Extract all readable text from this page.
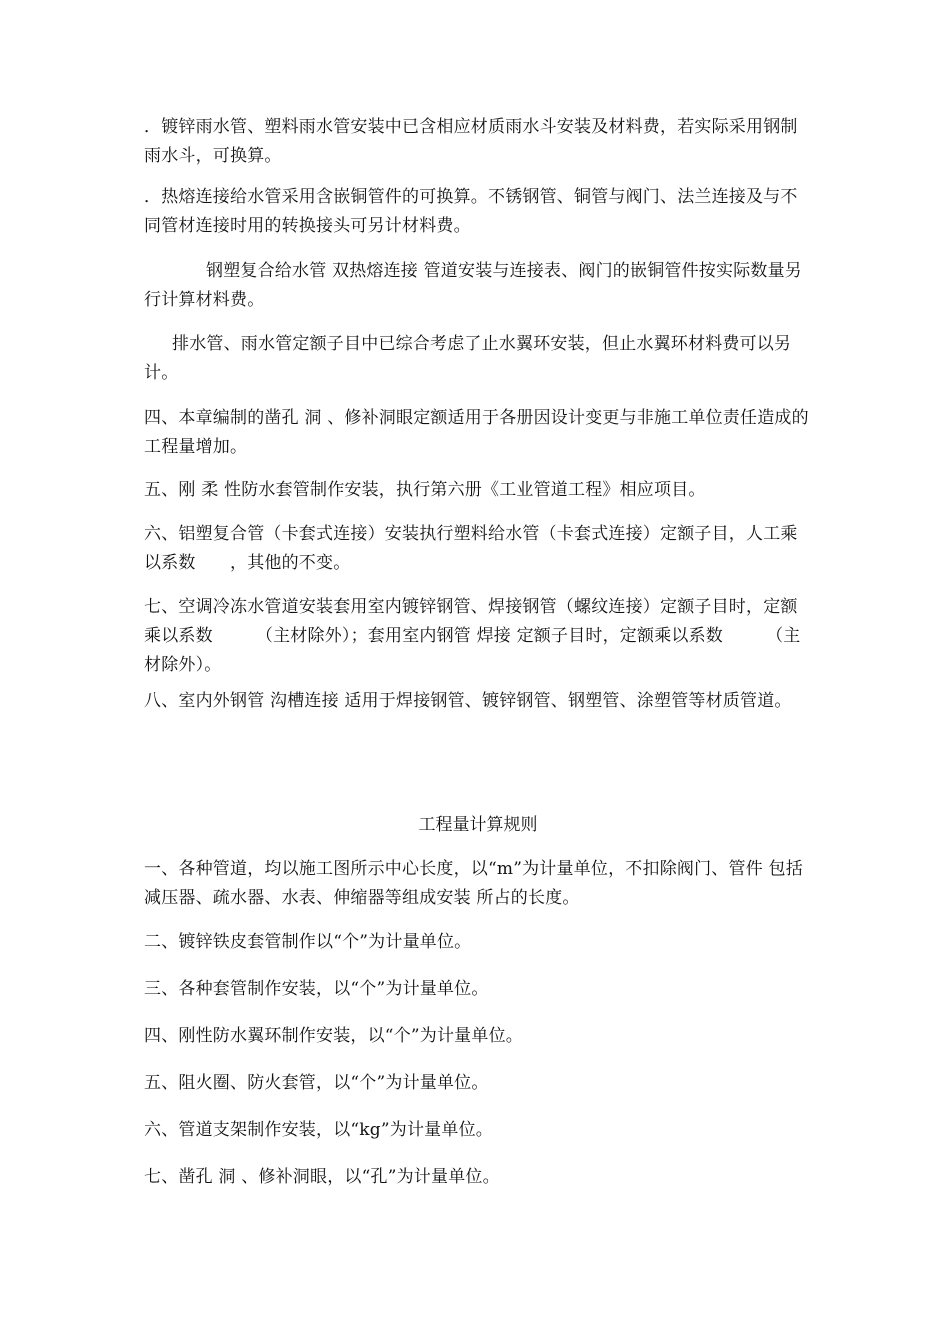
．镀锌雨水管、塑料雨水管安装中已含相应材质雨水斗安装及材料费，若实际采用钢制雨水斗，可换算。

．热熔连接给水管采用含嵌铜管件的可换算。不锈钢管、铜管与阀门、法兰连接及与不同管材连接时用的转换接头可另计材料费。

钢塑复合给水管 双热熔连接 管道安装与连接表、阀门的嵌铜管件按实际数量另行计算材料费。

排水管、雨水管定额子目中已综合考虑了止水翼环安装，但止水翼环材料费可以另计。

四、本章编制的凿孔 洞 、修补洞眼定额适用于各册因设计变更与非施工单位责任造成的工程量增加。

五、刚 柔 性防水套管制作安装，执行第六册《工业管道工程》相应项目。

六、铝塑复合管（卡套式连接）安装执行塑料给水管（卡套式连接）定额子目，人工乘以系数　　，其他的不变。

七、空调冷冻水管道安装套用室内镀锌钢管、焊接钢管（螺纹连接）定额子目时，定额乘以系数　　　（主材除外）；套用室内钢管 焊接 定额子目时，定额乘以系数　　　（主材除外）。

八、室内外钢管 沟槽连接 适用于焊接钢管、镀锌钢管、钢塑管、涂塑管等材质管道。

工程量计算规则

一、各种管道，均以施工图所示中心长度，以“m”为计量单位，不扣除阀门、管件 包括减压器、疏水器、水表、伸缩器等组成安装 所占的长度。

二、镀锌铁皮套管制作以“个”为计量单位。

三、各种套管制作安装，以“个”为计量单位。

四、刚性防水翼环制作安装，以“个”为计量单位。

五、阻火圈、防火套管，以“个”为计量单位。

六、管道支架制作安装，以“kg”为计量单位。

七、凿孔 洞 、修补洞眼，以“孔”为计量单位。
